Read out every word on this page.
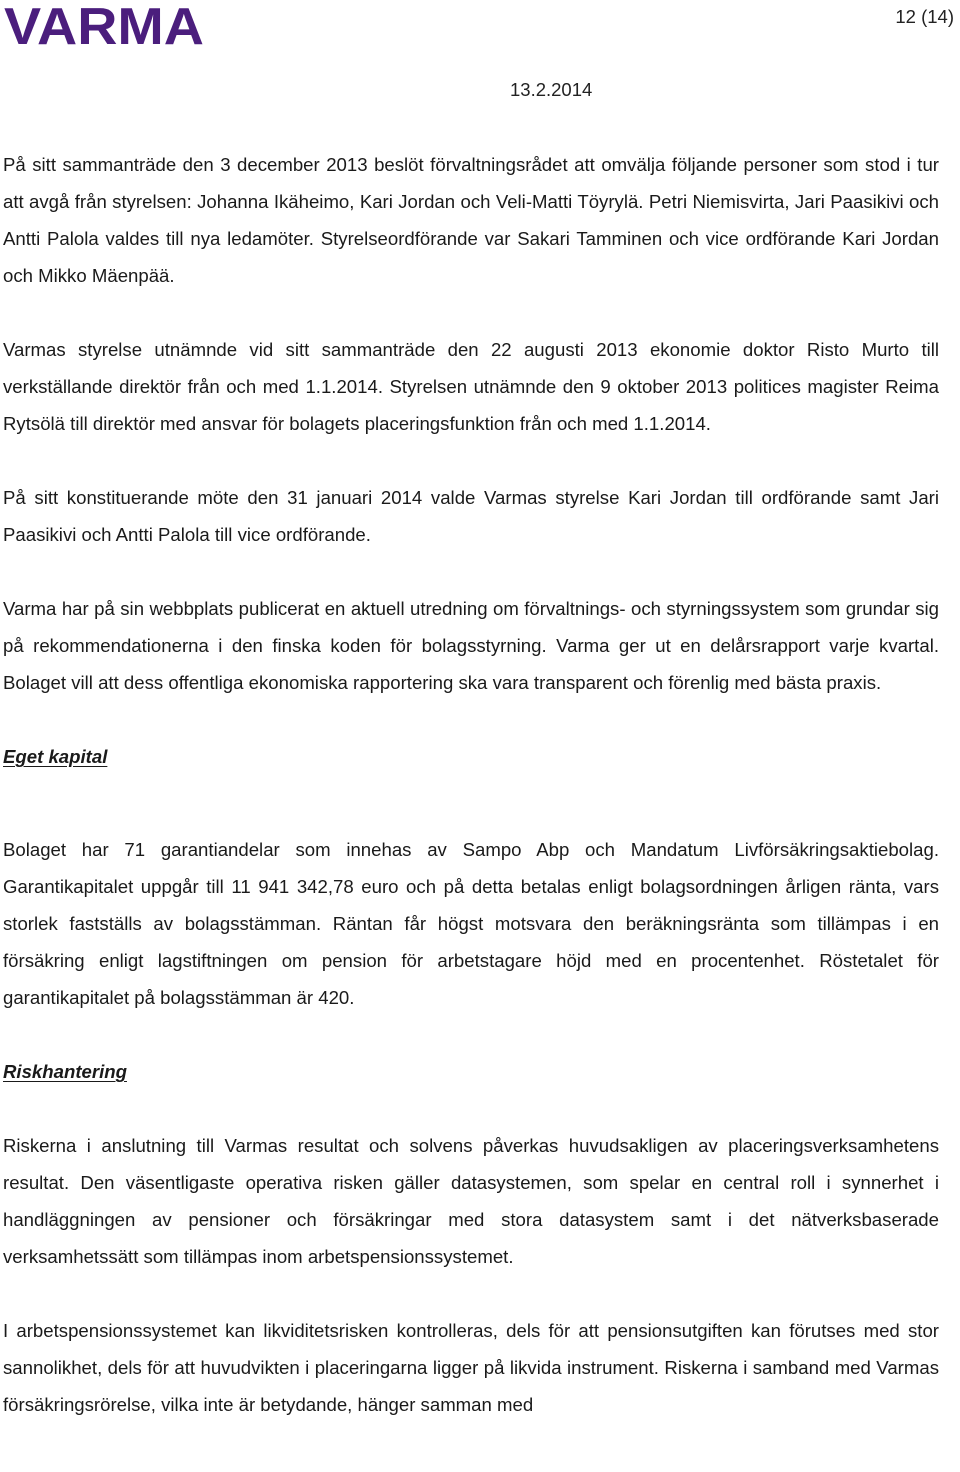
VARMA	12 (14)
13.2.2014

På sitt sammanträde den 3 december 2013 beslöt förvaltningsrådet att omvälja följande personer som stod i tur att avgå från styrelsen: Johanna Ikäheimo, Kari Jordan och Veli-Matti Töyrylä. Petri Niemisvirta, Jari Paasikivi och Antti Palola valdes till nya ledamöter. Styrelseordförande var Sakari Tamminen och vice ordförande Kari Jordan och Mikko Mäenpää.

Varmas styrelse utnämnde vid sitt sammanträde den 22 augusti 2013 ekonomie doktor Risto Murto till verkställande direktör från och med 1.1.2014. Styrelsen utnämnde den 9 oktober 2013 politices magister Reima Rytsölä till direktör med ansvar för bolagets placeringsfunktion från och med 1.1.2014.

På sitt konstituerande möte den 31 januari 2014 valde Varmas styrelse Kari Jordan till ordförande samt Jari Paasikivi och Antti Palola till vice ordförande.

Varma har på sin webbplats publicerat en aktuell utredning om förvaltnings- och styrningssystem som grundar sig på rekommendationerna i den finska koden för bolagsstyrning. Varma ger ut en delårsrapport varje kvartal. Bolaget vill att dess offentliga ekonomiska rapportering ska vara transparent och förenlig med bästa praxis.

Eget kapital

Bolaget har 71 garantiandelar som innehas av Sampo Abp och Mandatum Livförsäkringsaktiebolag. Garantikapitalet uppgår till 11 941 342,78 euro och på detta betalas enligt bolagsordningen årligen ränta, vars storlek fastställs av bolagsstämman. Räntan får högst motsvara den beräkningsränta som tillämpas i en försäkring enligt lagstiftningen om pension för arbetstagare höjd med en procentenhet. Röstetalet för garantikapitalet på bolagsstämman är 420.

Riskhantering

Riskerna i anslutning till Varmas resultat och solvens påverkas huvudsakligen av placeringsverksamhetens resultat. Den väsentligaste operativa risken gäller datasystemen, som spelar en central roll i synnerhet i handläggningen av pensioner och försäkringar med stora datasystem samt i det nätverksbaserade verksamhetssätt som tillämpas inom arbetspensionssystemet.

I arbetspensionssystemet kan likviditetsrisken kontrolleras, dels för att pensionsutgiften kan förutses med stor sannolikhet, dels för att huvudvikten i placeringarna ligger på likvida instrument. Riskerna i samband med Varmas försäkringsrörelse, vilka inte är betydande, hänger samman med
